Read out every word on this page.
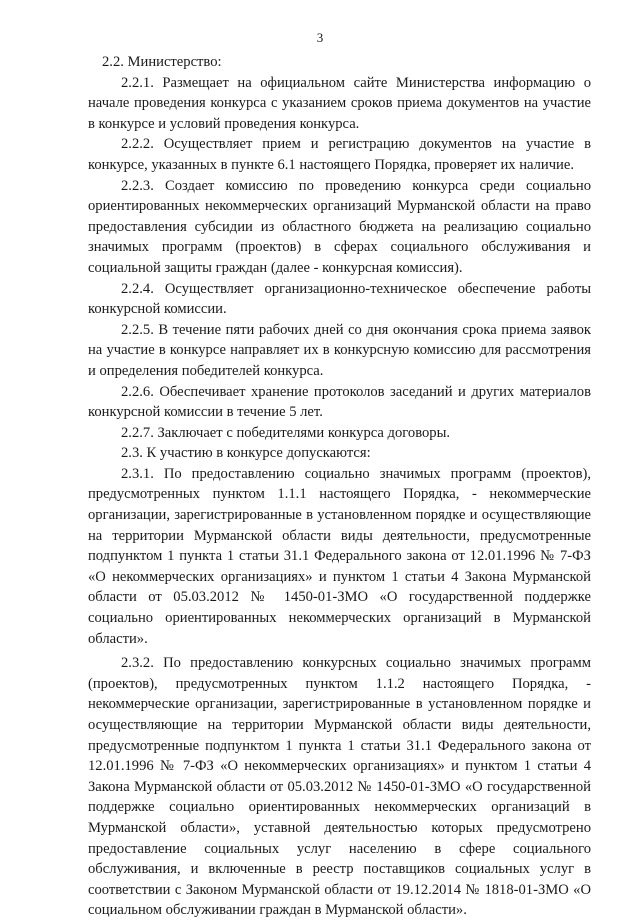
3

2.2. Министерство:

2.2.1. Размещает на официальном сайте Министерства информацию о начале проведения конкурса с указанием сроков приема документов на участие в конкурсе и условий проведения конкурса.

2.2.2. Осуществляет прием и регистрацию документов на участие в конкурсе, указанных в пункте 6.1 настоящего Порядка, проверяет их наличие.

2.2.3. Создает комиссию по проведению конкурса среди социально ориентированных некоммерческих организаций Мурманской области на право предоставления субсидии из областного бюджета на реализацию социально значимых программ (проектов) в сферах социального обслуживания и социальной защиты граждан (далее - конкурсная комиссия).

2.2.4. Осуществляет организационно-техническое обеспечение работы конкурсной комиссии.

2.2.5. В течение пяти рабочих дней со дня окончания срока приема заявок на участие в конкурсе направляет их в конкурсную комиссию для рассмотрения и определения победителей конкурса.

2.2.6. Обеспечивает хранение протоколов заседаний и других материалов конкурсной комиссии в течение 5 лет.

2.2.7. Заключает с победителями конкурса договоры.

2.3. К участию в конкурсе допускаются:

2.3.1. По предоставлению социально значимых программ (проектов), предусмотренных пунктом 1.1.1 настоящего Порядка, - некоммерческие организации, зарегистрированные в установленном порядке и осуществляющие на территории Мурманской области виды деятельности, предусмотренные подпунктом 1 пункта 1 статьи 31.1 Федерального закона от 12.01.1996 № 7-ФЗ «О некоммерческих организациях» и пунктом 1 статьи 4 Закона Мурманской области от 05.03.2012 № 1450-01-ЗМО «О государственной поддержке социально ориентированных некоммерческих организаций в Мурманской области».

2.3.2. По предоставлению конкурсных социально значимых программ (проектов), предусмотренных пунктом 1.1.2 настоящего Порядка, - некоммерческие организации, зарегистрированные в установленном порядке и осуществляющие на территории Мурманской области виды деятельности, предусмотренные подпунктом 1 пункта 1 статьи 31.1 Федерального закона от 12.01.1996 № 7-ФЗ «О некоммерческих организациях» и пунктом 1 статьи 4 Закона Мурманской области от 05.03.2012 № 1450-01-ЗМО «О государственной поддержке социально ориентированных некоммерческих организаций в Мурманской области», уставной деятельностью которых предусмотрено предоставление социальных услуг населению в сфере социального обслуживания, и включенные в реестр поставщиков социальных услуг в соответствии с Законом Мурманской области от 19.12.2014 № 1818-01-ЗМО «О социальном обслуживании граждан в Мурманской области».
